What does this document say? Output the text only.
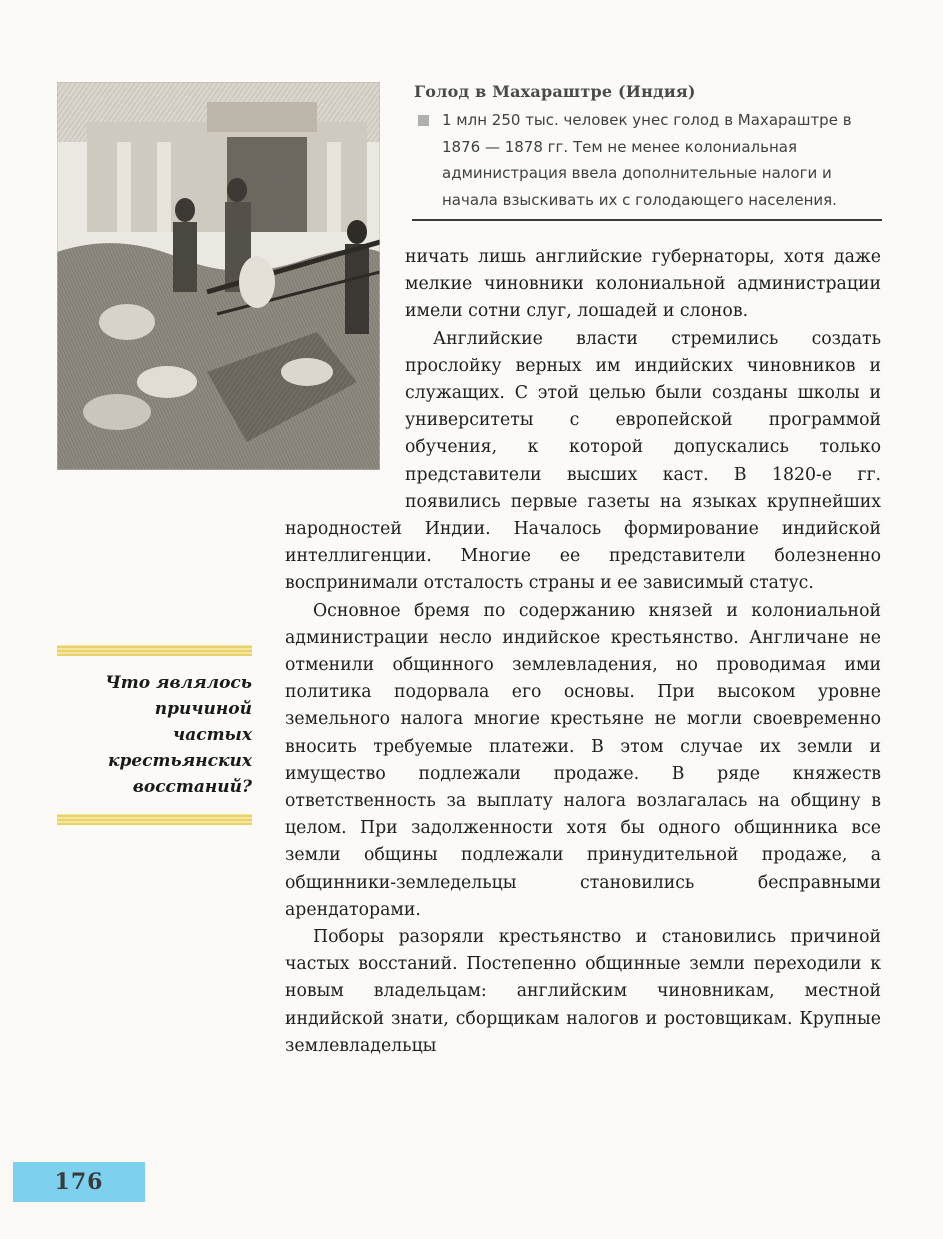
Голод в Махараштре (Индия)
1 млн 250 тыс. человек унес голод в Махараштре в 1876 — 1878 гг. Тем не менее колониальная администрация ввела дополнительные налоги и начала взыскивать их с голодающего населения.

ничать лишь английские губернаторы, хотя даже мелкие чиновники колониальной администрации имели сотни слуг, лошадей и слонов.

Английские власти стремились создать прослойку верных им индийских чиновников и служащих. С этой целью были созданы школы и университеты с европейской программой обучения, к которой допускались только представители высших каст. В 1820-е гг. появились первые газеты на языках крупнейших народностей Индии. Началось формирование индийской интеллигенции. Многие ее представители болезненно воспринимали отсталость страны и ее зависимый статус.

Основное бремя по содержанию князей и колониальной администрации несло индийское крестьянство. Англичане не отменили общинного землевладения, но проводимая ими политика подорвала его основы. При высоком уровне земельного налога многие крестьяне не могли своевременно вносить требуемые платежи. В этом случае их земли и имущество подлежали продаже. В ряде княжеств ответственность за выплату налога возлагалась на общину в целом. При задолженности хотя бы одного общинника все земли общины подлежали принудительной продаже, а общинники-земледельцы становились бесправными арендаторами.

Поборы разоряли крестьянство и становились причиной частых восстаний. Постепенно общинные земли переходили к новым владельцам: английским чиновникам, местной индийской знати, сборщикам налогов и ростовщикам. Крупные землевладельцы

Что являлось
причиной
частых
крестьянских
восстаний?
176
